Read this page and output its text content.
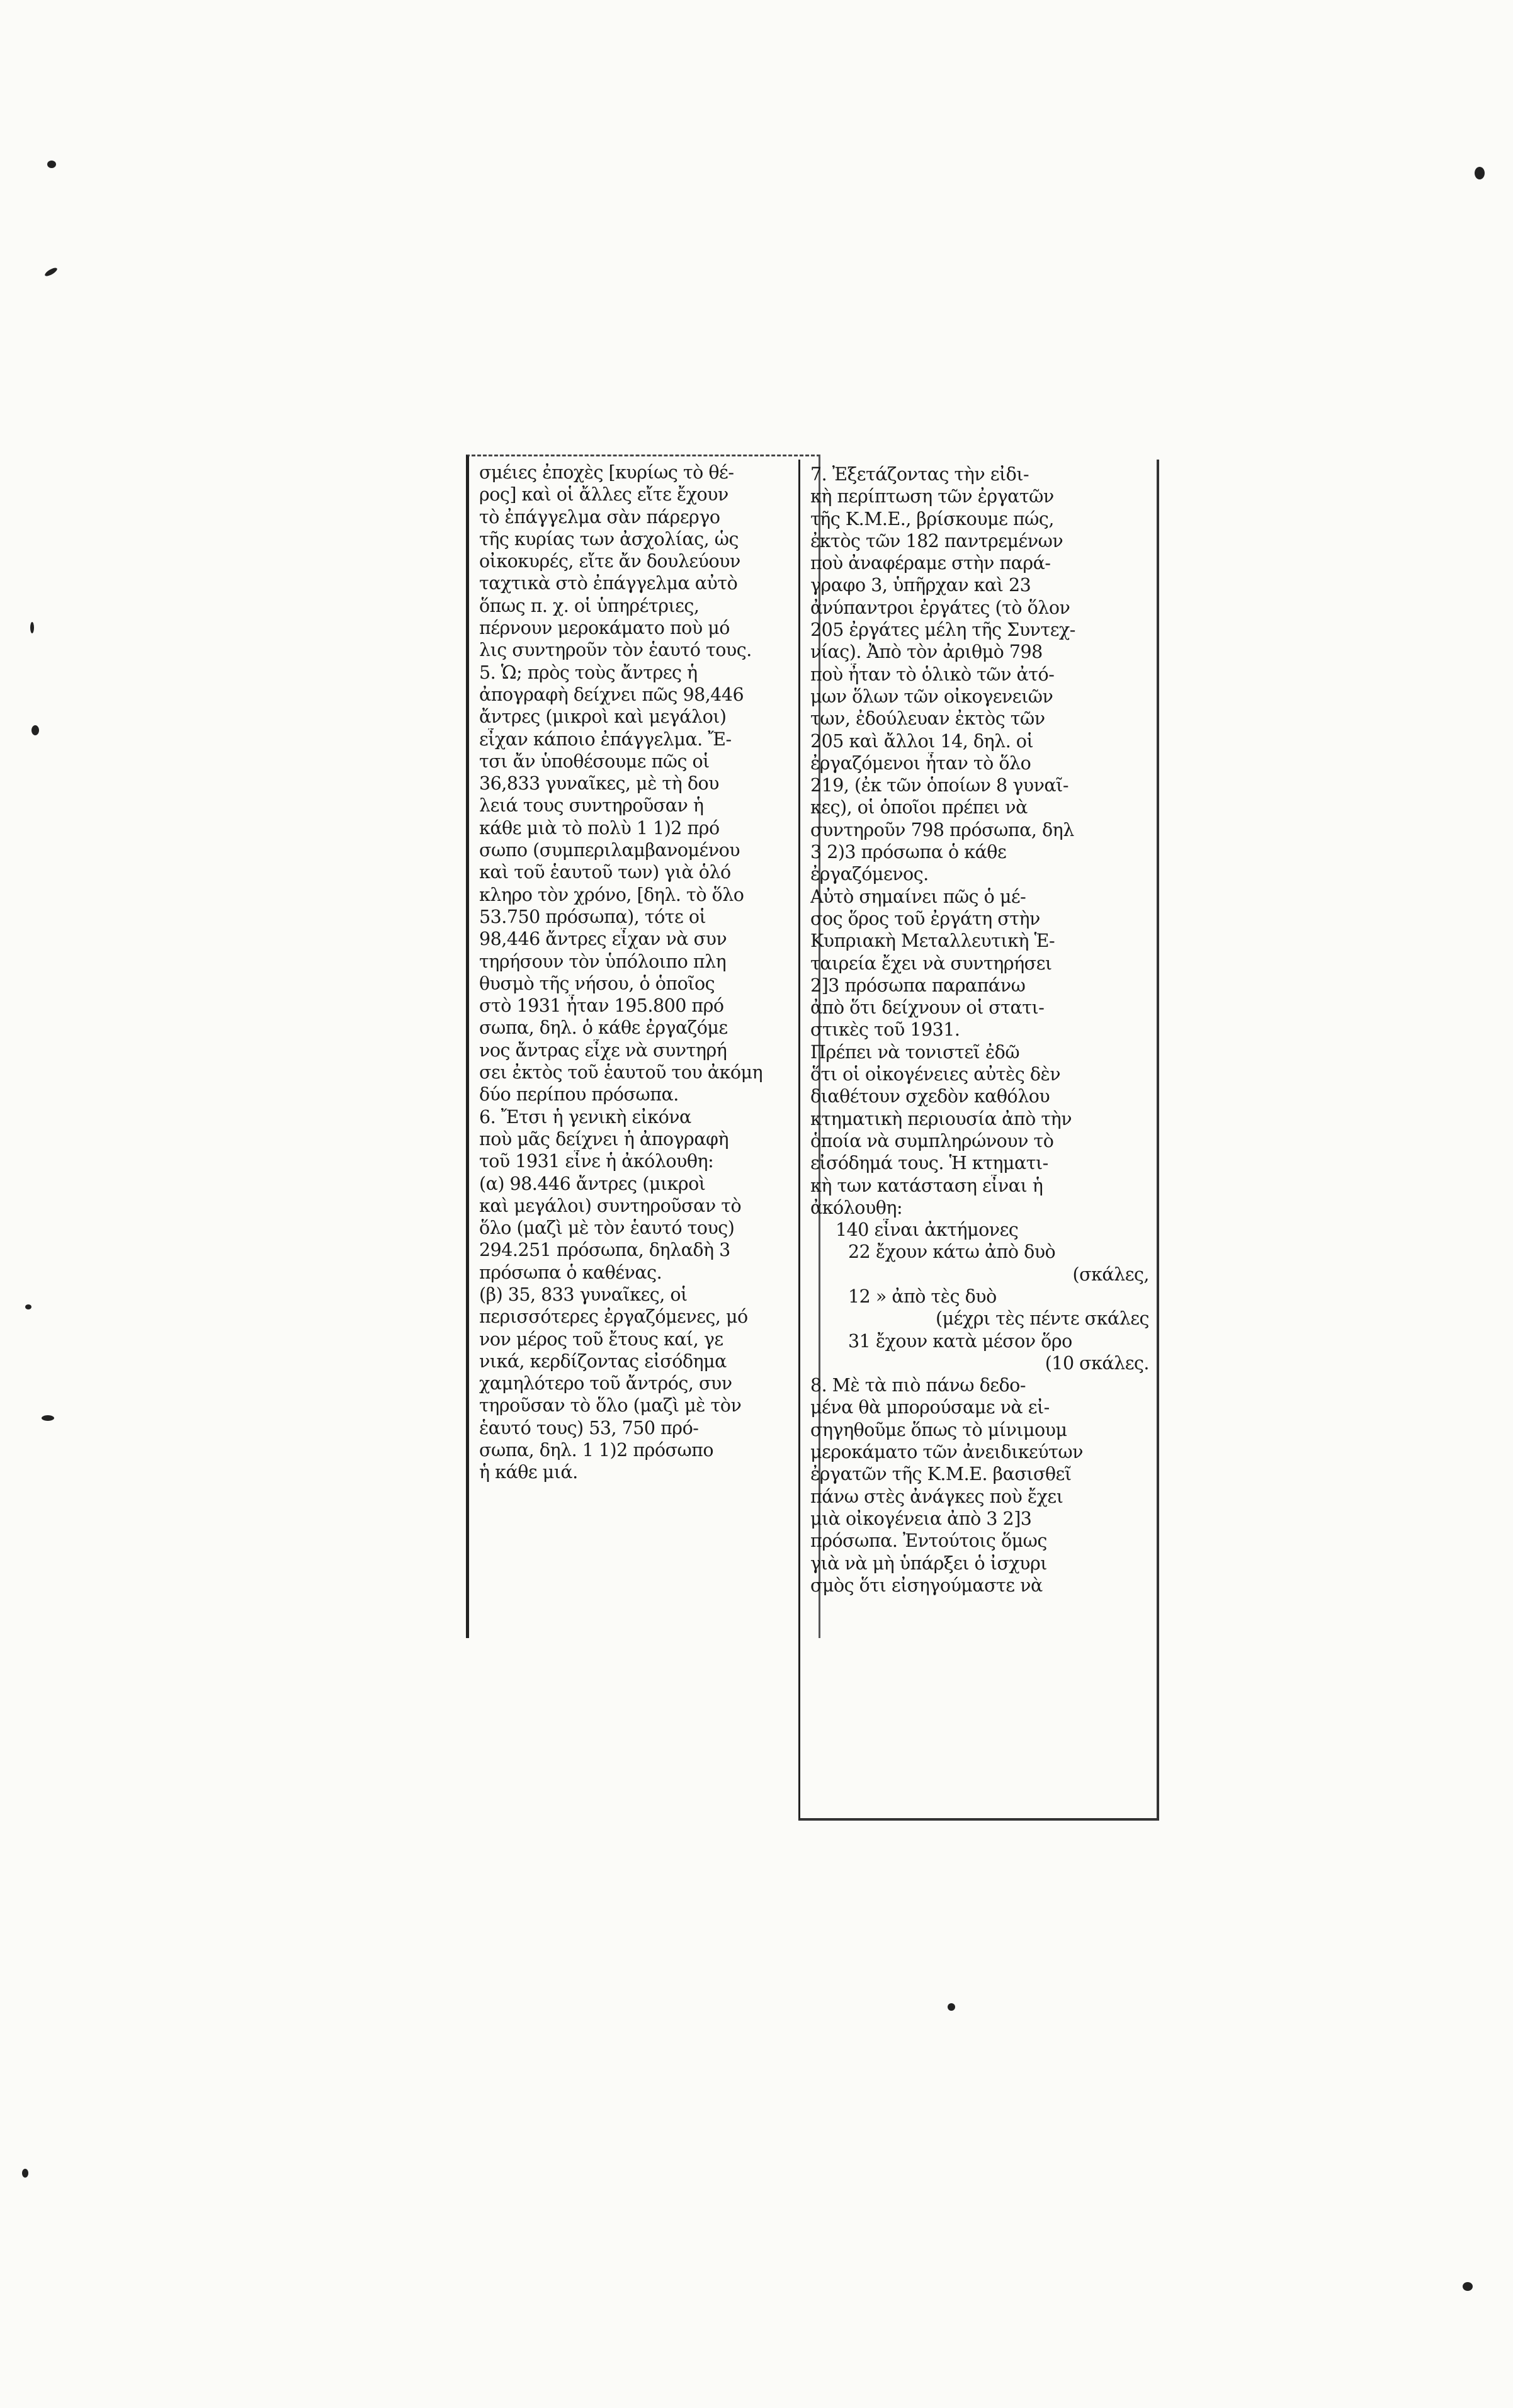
σμέιες ἐποχὲς [κυρίως τὸ θέ-
ρος] καὶ οἱ ἄλλες εἴτε ἔχουν
τὸ ἐπάγγελμα σὰν πάρεργο
τῆς κυρίας των ἀσχολίας, ὡς
οἰκοκυρές, εἴτε ἄν δουλεύουν
ταχτικὰ στὸ ἐπάγγελμα αὐτὸ
ὅπως π. χ. οἱ ὑπηρέτριες,
πέρνουν μεροκάματο ποὺ μό
λις συντηροῦν τὸν ἑαυτό τους.
5. Ὡ; πρὸς τοὺς ἄντρες ἡ
ἀπογραφὴ δείχνει πῶς 98,446
ἄντρες (μικροὶ καὶ μεγάλοι)
εἶχαν κάποιο ἐπάγγελμα. Ἔ-
τσι ἄν ὑποθέσουμε πῶς οἱ
36,833 γυναῖκες, μὲ τὴ δου
λειά τους συντηροῦσαν ἡ
κάθε μιὰ τὸ πολὺ 1 1)2 πρό
σωπο (συμπεριλαμβανομένου
καὶ τοῦ ἑαυτοῦ των) γιὰ ὁλό
κληρο τὸν χρόνο, [δηλ. τὸ ὅλο
53.750 πρόσωπα), τότε οἱ
98,446 ἄντρες εἶχαν νὰ συν
τηρήσουν τὸν ὑπόλοιπο πλη
θυσμὸ τῆς νήσου, ὁ ὁποῖος
στὸ 1931 ἦταν 195.800 πρό
σωπα, δηλ. ὁ κάθε ἐργαζόμε
νος ἄντρας εἶχε νὰ συντηρή
σει ἐκτὸς τοῦ ἑαυτοῦ του ἀκόμη
δύο περίπου πρόσωπα.
6. Ἔτσι ἡ γενικὴ εἰκόνα
ποὺ μᾶς δείχνει ἡ ἀπογραφὴ
τοῦ 1931 εἶνε ἡ ἀκόλουθη:
(α) 98.446 ἄντρες (μικροὶ
καὶ μεγάλοι) συντηροῦσαν τὸ
ὅλο (μαζὶ μὲ τὸν ἑαυτό τους)
294.251 πρόσωπα, δηλαδὴ 3
πρόσωπα ὁ καθένας.
(β) 35, 833 γυναῖκες, οἱ
περισσότερες ἐργαζόμενες, μό
νον μέρος τοῦ ἔτους καί, γε
νικά, κερδίζοντας εἰσόδημα
χαμηλότερο τοῦ ἄντρός, συν
τηροῦσαν τὸ ὅλο (μαζὶ μὲ τὸν
ἑαυτό τους) 53, 750 πρό-
σωπα, δηλ. 1 1)2 πρόσωπο
ἡ κάθε μιά.
7. Ἐξετάζοντας τὴν εἰδι-
κὴ περίπτωση τῶν ἐργατῶν
τῆς Κ.Μ.Ε., βρίσκουμε πώς,
ἐκτὸς τῶν 182 παντρεμένων
ποὺ ἀναφέραμε στὴν παρά-
γραφο 3, ὑπῆρχαν καὶ 23
ἀνύπαντροι ἐργάτες (τὸ ὅλον
205 ἐργάτες μέλη τῆς Συντεχ-
νίας). Ἀπὸ τὸν ἀριθμὸ 798
ποὺ ἦταν τὸ ὁλικὸ τῶν ἀτό-
μων ὅλων τῶν οἰκογενειῶν
των, ἐδούλευαν ἐκτὸς τῶν
205 καὶ ἄλλοι 14, δηλ. οἱ
ἐργαζόμενοι ἦταν τὸ ὅλο
219, (ἐκ τῶν ὁποίων 8 γυναῖ-
κες), οἱ ὁποῖοι πρέπει νὰ
συντηροῦν 798 πρόσωπα, δηλ
3 2)3 πρόσωπα ὁ κάθε
ἐργαζόμενος.
Αὐτὸ σημαίνει πῶς ὁ μέ-
σος ὅρος τοῦ ἐργάτη στὴν
Κυπριακὴ Μεταλλευτικὴ Ἑ-
ταιρεία ἔχει νὰ συντηρήσει
2]3 πρόσωπα παραπάνω
ἀπὸ ὅτι δείχνουν οἱ στατι-
στικὲς τοῦ 1931.
Πρέπει νὰ τονιστεῖ ἐδῶ
ὅτι οἱ οἰκογένειες αὐτὲς δὲν
διαθέτουν σχεδὸν καθόλου
κτηματικὴ περιουσία ἀπὸ τὴν
ὁποία νὰ συμπληρώνουν τὸ
εἰσόδημά τους. Ἡ κτηματι-
κὴ των κατάσταση εἶναι ἡ
ἀκόλουθη:
140 εἶναι ἀκτήμονες
22 ἔχουν κάτω ἀπὸ δυὸ
(σκάλες,
12 » ἀπὸ τὲς δυὸ
(μέχρι τὲς πέντε σκάλες
31 ἔχουν κατὰ μέσον ὅρο
(10 σκάλες.
8. Μὲ τὰ πιὸ πάνω δεδο-
μένα θὰ μπορούσαμε νὰ εἰ-
σηγηθοῦμε ὅπως τὸ μίνιμουμ
μεροκάματο τῶν ἀνειδικεύτων
ἐργατῶν τῆς Κ.Μ.Ε. βασισθεῖ
πάνω στὲς ἀνάγκες ποὺ ἔχει
μιὰ οἰκογένεια ἀπὸ 3 2]3
πρόσωπα. Ἐντούτοις ὅμως
γιὰ νὰ μὴ ὑπάρξει ὁ ἰσχυρι
σμὸς ὅτι εἰσηγούμαστε νὰ
